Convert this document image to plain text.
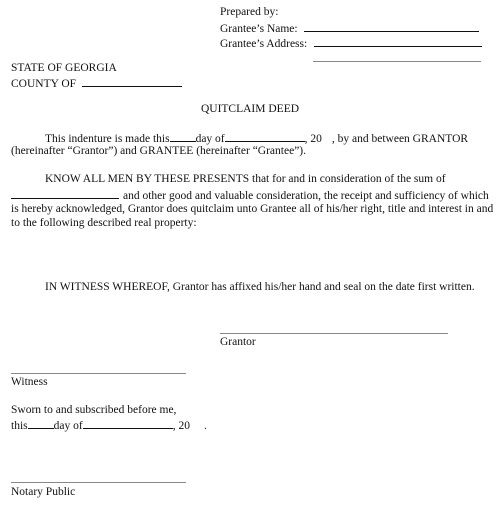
Prepared by:
Grantee’s Name:
Grantee’s Address:
STATE OF GEORGIA
COUNTY OF
QUITCLAIM DEED
This indenture is made this day of	, 20 , by and between GRANTOR
(hereinafter “Grantor”) and GRANTEE (hereinafter “Grantee”).
KNOW ALL MEN BY THESE PRESENTS that for and in consideration of the sum of
and other good and valuable consideration, the receipt and sufficiency of which
is hereby acknowledged, Grantor does quitclaim unto Grantee all of his/her right, title and interest in and
to the following described real property:
IN WITNESS WHEREOF, Grantor has affixed his/her hand and seal on the date first written.
Grantor
Witness
Sworn to and subscribed before me,
this day of	, 20 .
Notary Public
